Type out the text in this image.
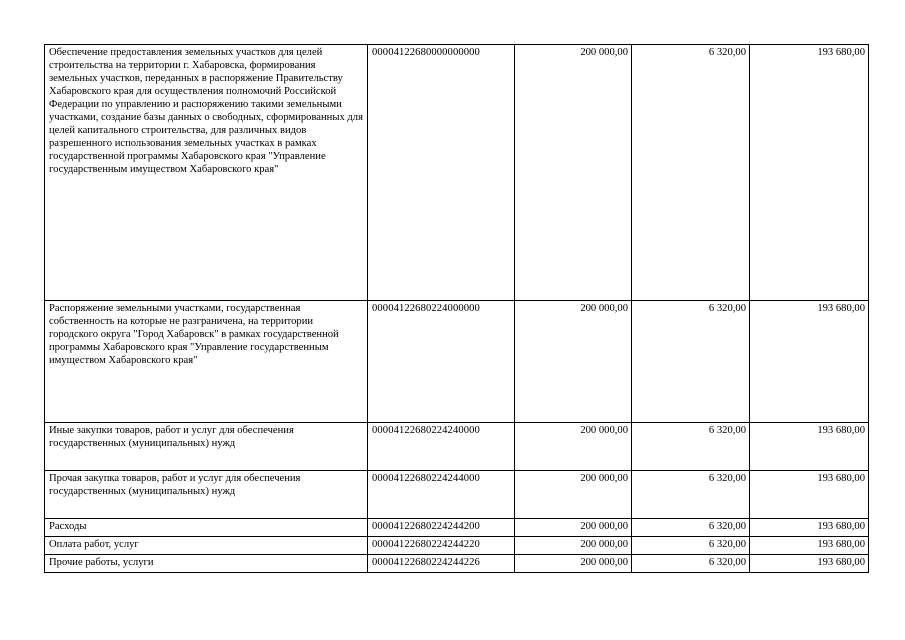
Обеспечение предоставления земельных участков для целей строительства на территории г. Хабаровска, формирования земельных участков, переданных в распоряжение Правительству Хабаровского края для осуществления полномочий Российской Федерации по управлению и распоряжению такими земельными участками, создание базы данных о свободных, сформированных для целей капитального строительства, для различных видов разрешенного использования земельных участках в рамках государственной программы Хабаровского края "Управление государственным имуществом Хабаровского края"	00004122680000000000	200 000,00	6 320,00	193 680,00
Распоряжение земельными участками, государственная собственность на которые не разграничена, на территории городского округа "Город Хабаровск" в рамках государственной программы Хабаровского края "Управление государственным имуществом Хабаровского края"	00004122680224000000	200 000,00	6 320,00	193 680,00
Иные закупки товаров, работ и услуг для обеспечения государственных (муниципальных) нужд	00004122680224240000	200 000,00	6 320,00	193 680,00
Прочая закупка товаров, работ и услуг для обеспечения государственных (муниципальных) нужд	00004122680224244000	200 000,00	6 320,00	193 680,00
Расходы	00004122680224244200	200 000,00	6 320,00	193 680,00
Оплата работ, услуг	00004122680224244220	200 000,00	6 320,00	193 680,00
Прочие работы, услуги	00004122680224244226	200 000,00	6 320,00	193 680,00
